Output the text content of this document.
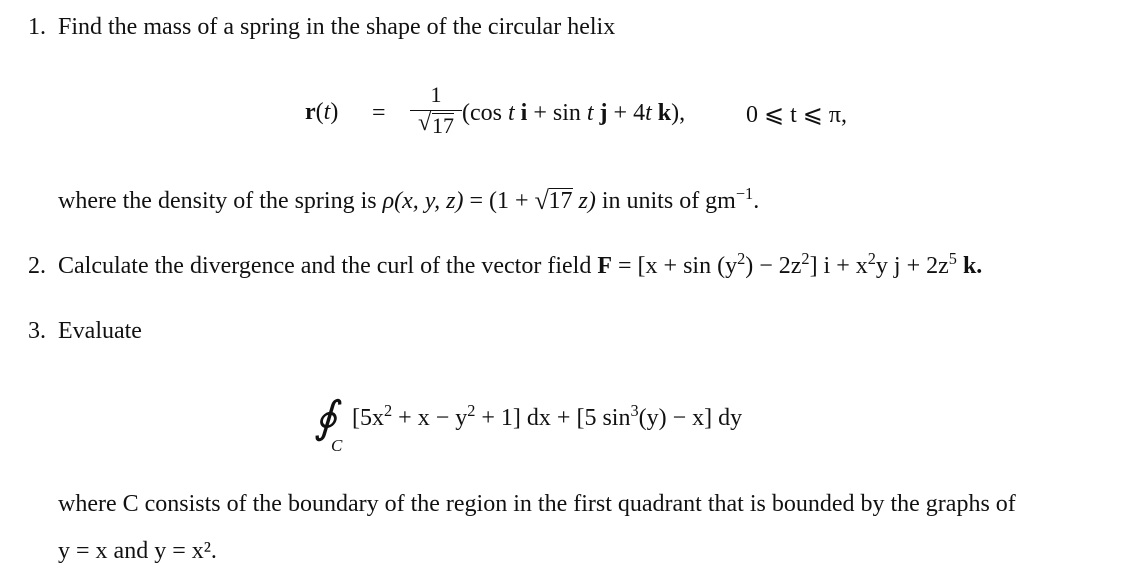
1. Find the mass of a spring in the shape of the circular helix
r(t) =
1
√ 17 (cos t i + sin t j + 4t k),	0 ⩽ t ⩽ π,
where the density of the spring is ρ(x, y, z) = (1 + √ 17 z) in units of $gm^{-1}$.
2. Calculate the divergence and the curl of the vector field $F = [x + \sin (y^2) - 2z^2]$ $i + x^2y$ $j + 2z^5$ k.
3. Evaluate
∮
C
$[5x^2 + x - y^2 + 1]$ dx + [5 $\sin^3(y) - x$] dy
where C consists of the boundary of the region in the first quadrant that is bounded by the graphs of
y = x and y = x².
